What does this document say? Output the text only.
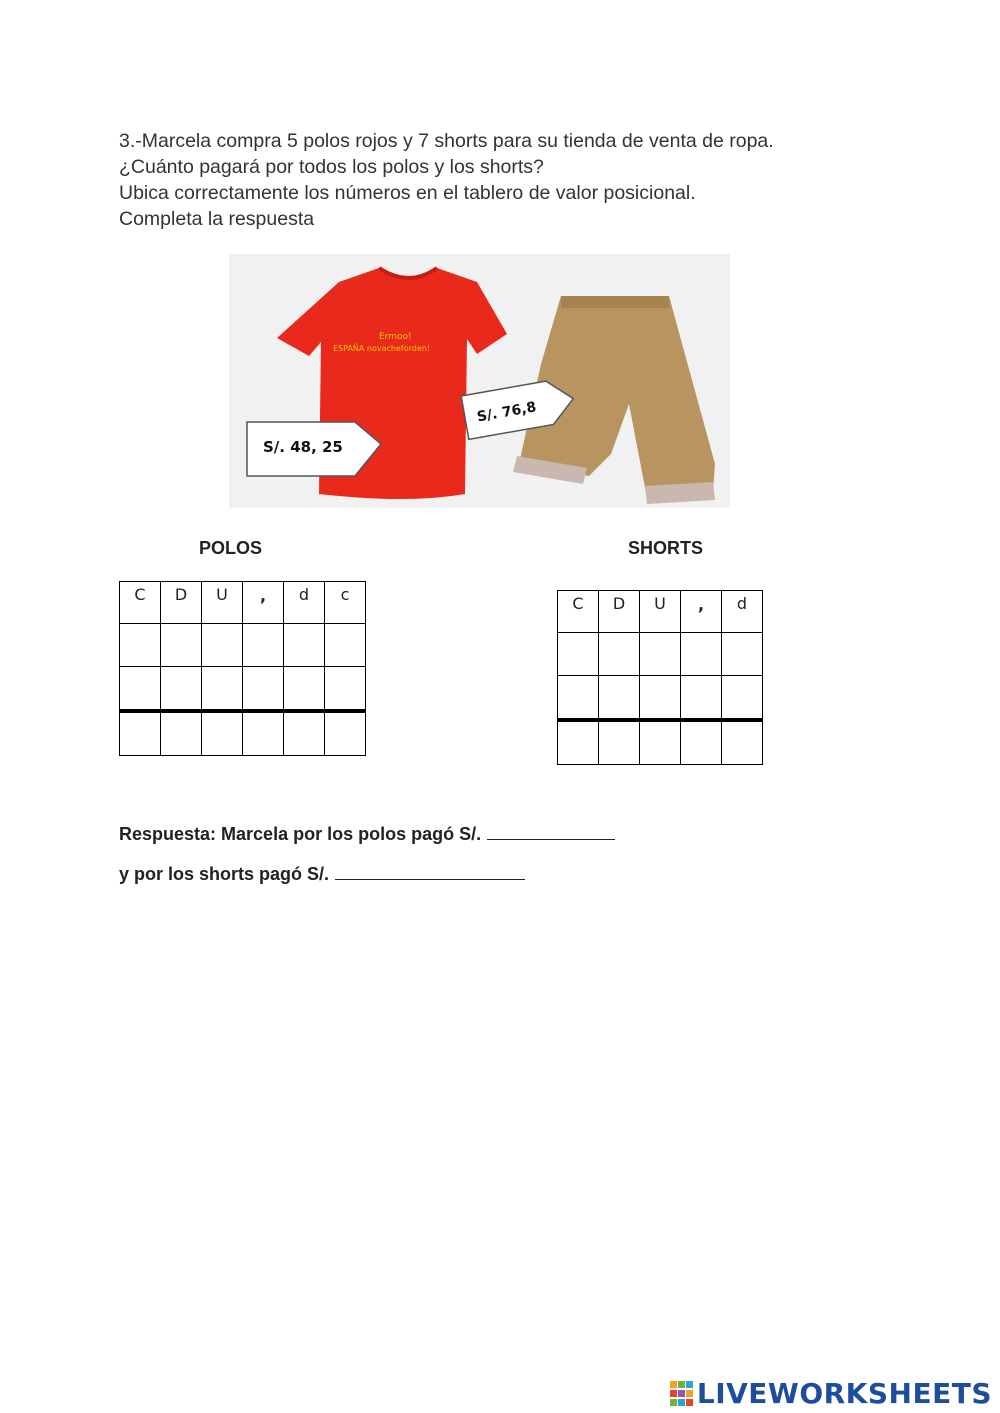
3.-Marcela compra 5 polos rojos y 7 shorts para su tienda de venta de ropa.
¿Cuánto pagará por todos los polos y los shorts?
Ubica correctamente los números en el tablero de valor posicional.
Completa la respuesta
Ermoo!
ESPAÑA novacheforden!
S/. 48, 25
S/. 76,8
POLOS	SHORTS
C	D	U	,	d	c

						C	D	U	,	d

Respuesta: Marcela por los polos pagó S/.
y por los shorts pagó S/.
LIVEWORKSHEETS
